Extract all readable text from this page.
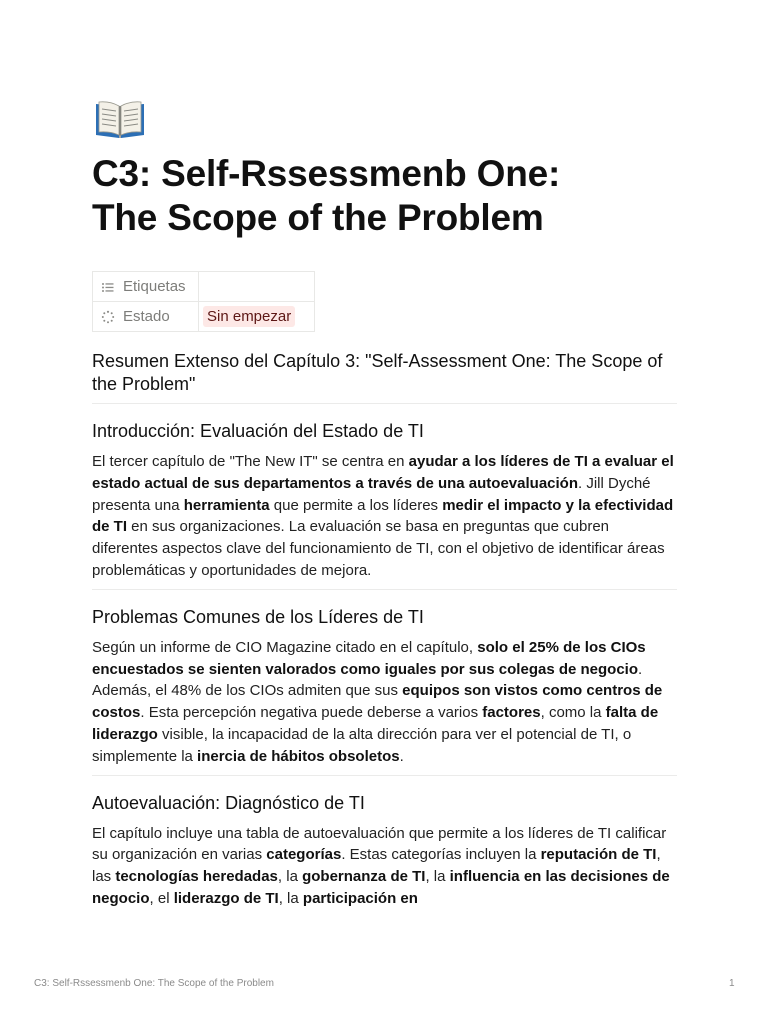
C3: Self-Rssessmenb One:
The Scope of the Problem
Etiquetas	

Estado	Sin empezar
Resumen Extenso del Capítulo 3: "Self-Assessment One: The Scope of the Problem"
Introducción: Evaluación del Estado de TI

El tercer capítulo de "The New IT" se centra en ayudar a los líderes de TI a evaluar el estado actual de sus departamentos a través de una autoevaluación. Jill Dyché presenta una herramienta que permite a los líderes medir el impacto y la efectividad de TI en sus organizaciones. La evaluación se basa en preguntas que cubren diferentes aspectos clave del funcionamiento de TI, con el objetivo de identificar áreas problemáticas y oportunidades de mejora.

Problemas Comunes de los Líderes de TI

Según un informe de CIO Magazine citado en el capítulo, solo el 25% de los CIOs encuestados se sienten valorados como iguales por sus colegas de negocio. Además, el 48% de los CIOs admiten que sus equipos son vistos como centros de costos. Esta percepción negativa puede deberse a varios factores, como la falta de liderazgo visible, la incapacidad de la alta dirección para ver el potencial de TI, o simplemente la inercia de hábitos obsoletos.

Autoevaluación: Diagnóstico de TI

El capítulo incluye una tabla de autoevaluación que permite a los líderes de TI calificar su organización en varias categorías. Estas categorías incluyen la reputación de TI, las tecnologías heredadas, la gobernanza de TI, la influencia en las decisiones de negocio, el liderazgo de TI, la participación en

C3: Self-Rssessmenb One: The Scope of the Problem	1
